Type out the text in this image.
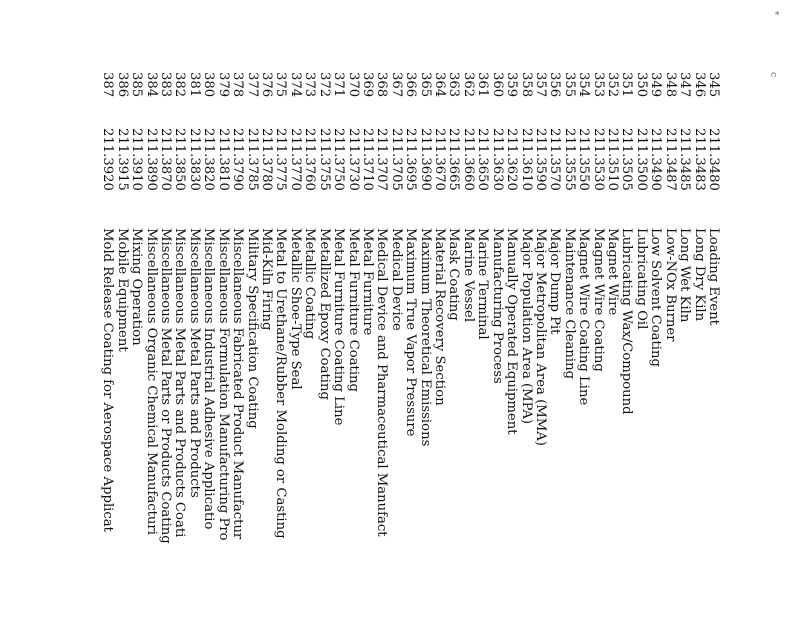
*
c
345
211.3480
Loading Event
346
211.3483
Long Dry Kiln
347
211.3485
Long Wet Kiln
348
211.3487
Low-NOx Burner
349
211.3490
Low Solvent Coating
350
211.3500
Lubricating Oil
351
211.3505
Lubricating Wax/Compound
352
211.3510
Magnet Wire
353
211.3530
Magnet Wire Coating
354
211.3550
Magnet Wire Coating Line
355
211.3555
Maintenance Cleaning
356
211.3570
Major Dump Pit
357
211.3590
Major Metropolitan Area (MMA)
358
211.3610
Major Population Area (MPA)
359
211.3620
Manually Operated Equipment
360
211.3630
Manufacturing Process
361
211.3650
Marine Terminal
362
211.3660
Marine Vessel
363
211.3665
Mask Coating
364
211.3670
Material Recovery Section
365
211.3690
Maximum Theoretical Emissions
366
211.3695
Maximum True Vapor Pressure
367
211.3705
Medical Device
368
211.3707
Medical Device and Pharmaceutical Manufact
369
211.3710
Metal Furniture
370
211.3730
Metal Furniture Coating
371
211.3750
Metal Furniture Coating Line
372
211.3755
Metallized Epoxy Coating
373
211.3760
Metallic Coating
374
211.3770
Metallic Shoe-Type Seal
375
211.3775
Metal to Urethane/Rubber Molding or Casting
376
211.3780
Mid-Kiln Firing
377
211.3785
Military Specification Coating
378
211.3790
Miscellaneous Fabricated Product Manufactur
379
211.3810
Miscellaneous Formulation Manufacturing Pro
380
211.3820
Miscellaneous Industrial Adhesive Applicatio
381
211.3830
Miscellaneous Metal Parts and Products
382
211.3850
Miscellaneous Metal Parts and Products Coati
383
211.3870
Miscellaneous Metal Parts or Products Coating
384
211.3890
Miscellaneous Organic Chemical Manufacturi
385
211.3910
Mixing Operation
386
211.3915
Mobile Equipment
387
211.3920
Mold Release Coating for Aerospace Applicat
